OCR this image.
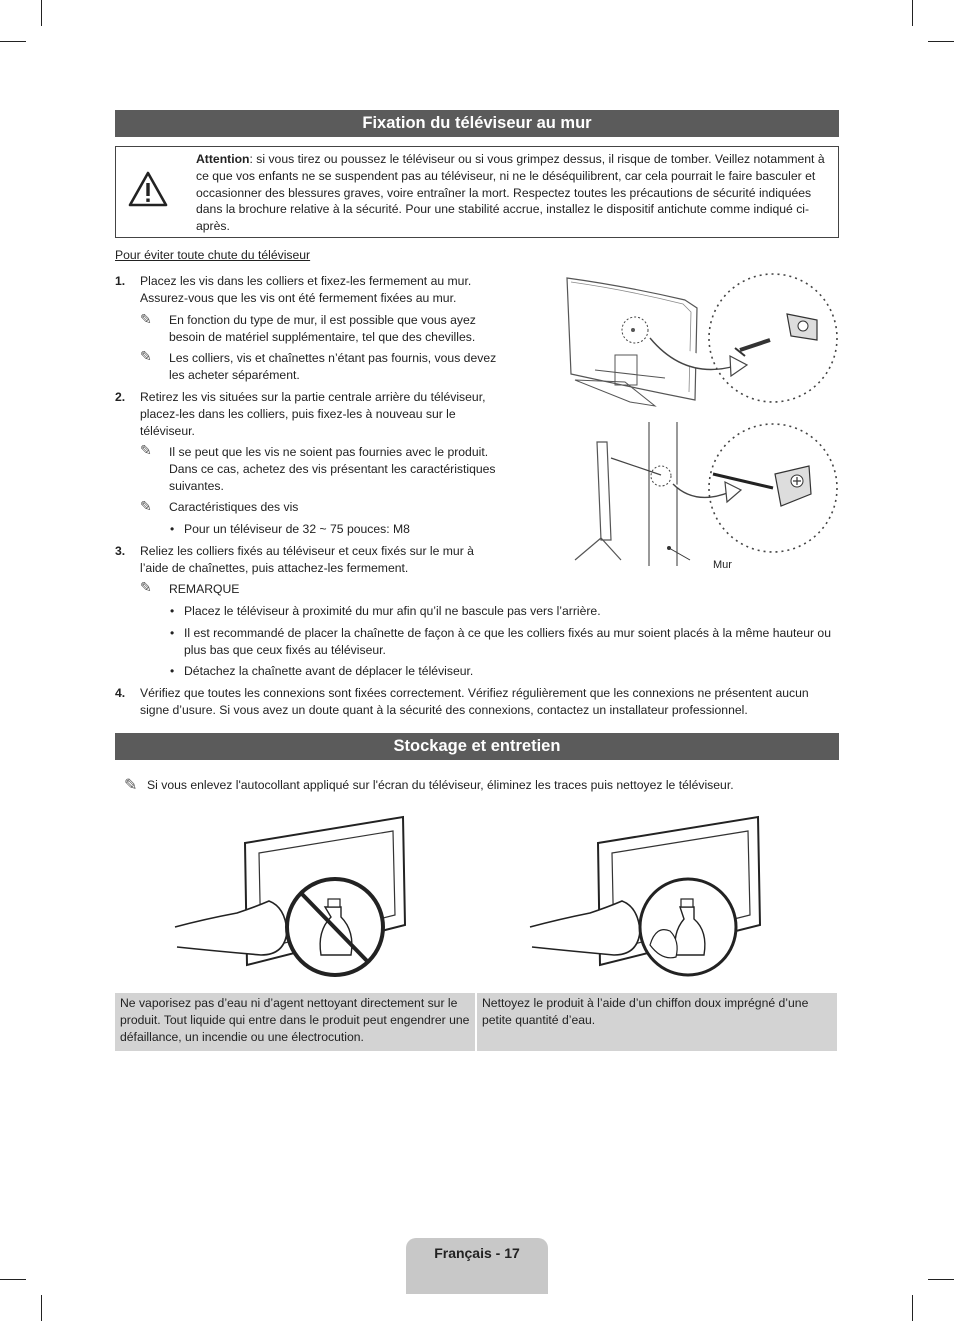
Fixation du téléviseur au mur
Attention: si vous tirez ou poussez le téléviseur ou si vous grimpez dessus, il risque de tomber. Veillez notamment à ce que vos enfants ne se suspendent pas au téléviseur, ni ne le déséquilibrent, car cela pourrait le faire basculer et occasionner des blessures graves, voire entraîner la mort. Respectez toutes les précautions de sécurité indiquées dans la brochure relative à la sécurité. Pour une stabilité accrue, installez le dispositif antichute comme indiqué ci-après.
Pour éviter toute chute du téléviseur
1. Placez les vis dans les colliers et fixez-les fermement au mur. Assurez-vous que les vis ont été fermement fixées au mur.
✎ En fonction du type de mur, il est possible que vous ayez besoin de matériel supplémentaire, tel que des chevilles.
✎ Les colliers, vis et chaînettes n’étant pas fournis, vous devez les acheter séparément.
2. Retirez les vis situées sur la partie centrale arrière du téléviseur, placez-les dans les colliers, puis fixez-les à nouveau sur le téléviseur.
✎ Il se peut que les vis ne soient pas fournies avec le produit. Dans ce cas, achetez des vis présentant les caractéristiques suivantes.
✎ Caractéristiques des vis
• Pour un téléviseur de 32 ~ 75 pouces: M8
3. Reliez les colliers fixés au téléviseur et ceux fixés sur le mur à l’aide de chaînettes, puis attachez-les fermement.
✎ REMARQUE
• Placez le téléviseur à proximité du mur afin qu’il ne bascule pas vers l’arrière.
• Il est recommandé de placer la chaînette de façon à ce que les colliers fixés au mur soient placés à la même hauteur ou plus bas que ceux fixés au téléviseur.
• Détachez la chaînette avant de déplacer le téléviseur.
4. Vérifiez que toutes les connexions sont fixées correctement. Vérifiez régulièrement que les connexions ne présentent aucun signe d’usure. Si vous avez un doute quant à la sécurité des connexions, contactez un installateur professionnel.
Mur
Stockage et entretien
✎ Si vous enlevez l'autocollant appliqué sur l'écran du téléviseur, éliminez les traces puis nettoyez le téléviseur.
Ne vaporisez pas d’eau ni d’agent nettoyant directement sur le produit. Tout liquide qui entre dans le produit peut engendrer une défaillance, un incendie ou une électrocution.
Nettoyez le produit à l’aide d’un chiffon doux imprégné d’une petite quantité d’eau.
Français - 17
